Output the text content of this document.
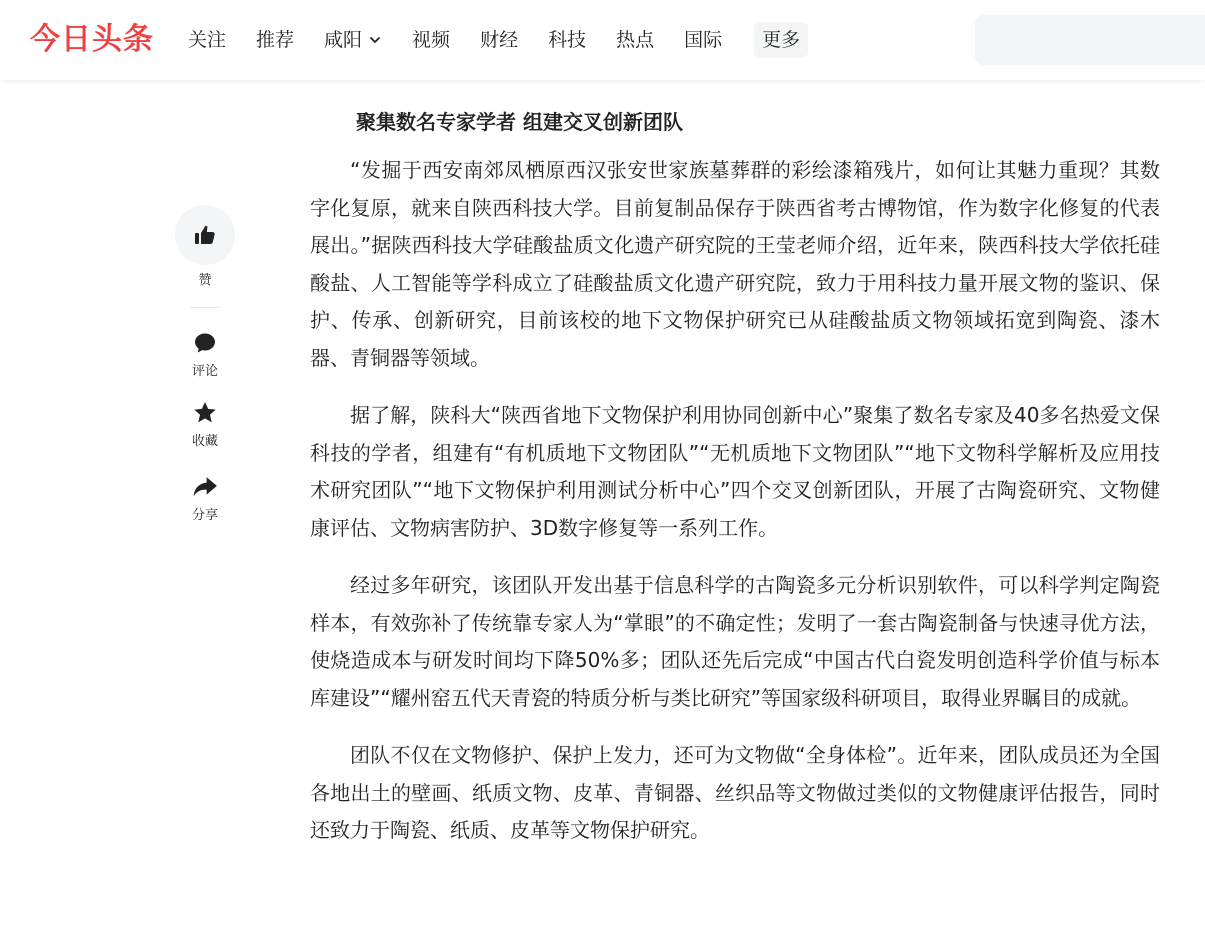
今日头条 关注 推荐 咸阳	视频 财经 科技 热点 国际	更多
赞
评论
收藏
分享
聚集数名专家学者 组建交叉创新团队

“发掘于西安南郊凤栖原西汉张安世家族墓葬群的彩绘漆箱残片，如何让其魅力重现？其数字化复原，就来自陕西科技大学。目前复制品保存于陕西省考古博物馆，作为数字化修复的代表展出。”据陕西科技大学硅酸盐质文化遗产研究院的王莹老师介绍，近年来，陕西科技大学依托硅酸盐、人工智能等学科成立了硅酸盐质文化遗产研究院，致力于用科技力量开展文物的鉴识、保护、传承、创新研究，目前该校的地下文物保护研究已从硅酸盐质文物领域拓宽到陶瓷、漆木器、青铜器等领域。

据了解，陕科大“陕西省地下文物保护利用协同创新中心”聚集了数名专家及40多名热爱文保科技的学者，组建有“有机质地下文物团队”“无机质地下文物团队”“地下文物科学解析及应用技术研究团队”“地下文物保护利用测试分析中心”四个交叉创新团队，开展了古陶瓷研究、文物健康评估、文物病害防护、3D数字修复等一系列工作。

经过多年研究，该团队开发出基于信息科学的古陶瓷多元分析识别软件，可以科学判定陶瓷样本，有效弥补了传统靠专家人为“掌眼”的不确定性；发明了一套古陶瓷制备与快速寻优方法，使烧造成本与研发时间均下降50%多；团队还先后完成“中国古代白瓷发明创造科学价值与标本库建设”“耀州窑五代天青瓷的特质分析与类比研究”等国家级科研项目，取得业界瞩目的成就。

团队不仅在文物修护、保护上发力，还可为文物做“全身体检”。近年来，团队成员还为全国各地出土的壁画、纸质文物、皮革、青铜器、丝织品等文物做过类似的文物健康评估报告，同时还致力于陶瓷、纸质、皮革等文物保护研究。
